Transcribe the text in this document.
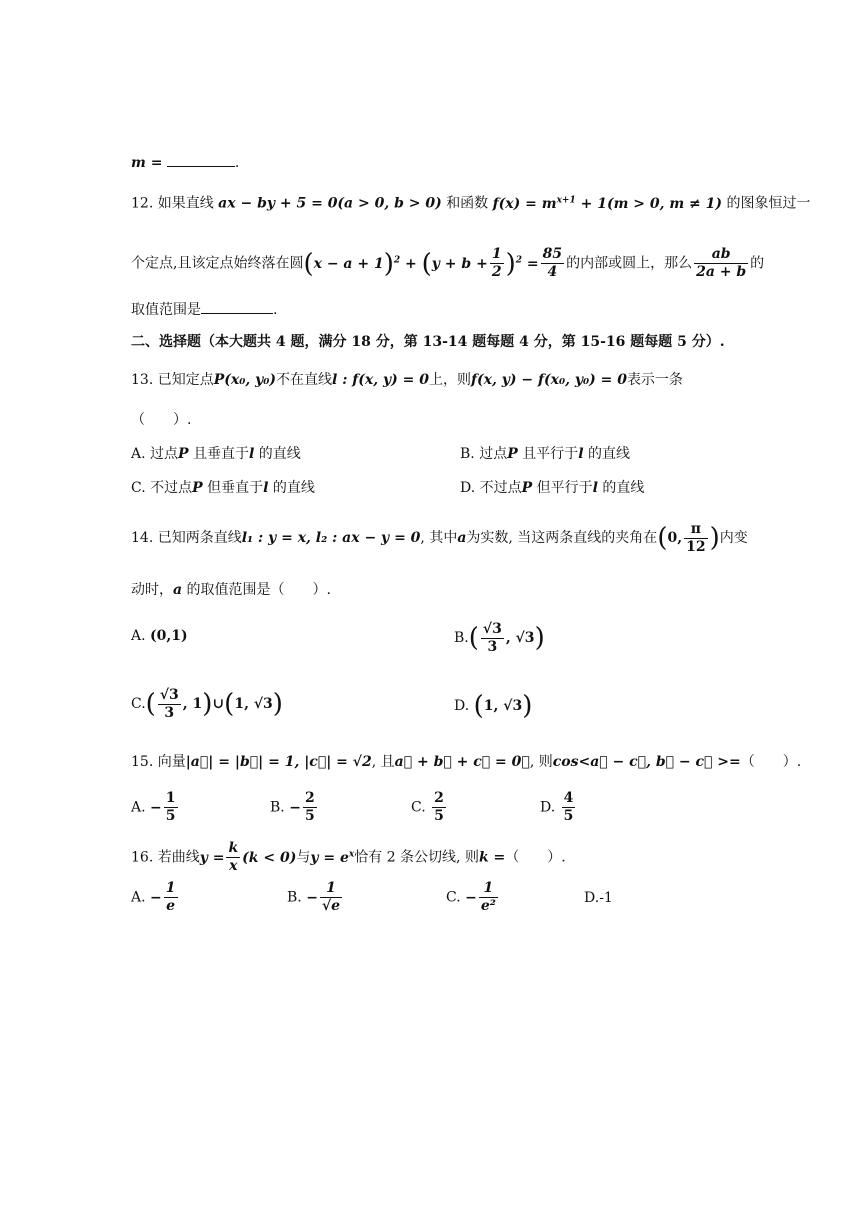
m =	.
12. 如果直线 ax − by + 5 = 0(a > 0, b > 0) 和函数 $f(x) = m^{x+1} + 1(m > 0$, m ≠ 1) 的图象恒过一
个定点,且该定点始终落在圆$(x - a + 1)^2 + (y + b + \frac{1}{2} )^2 = \frac{85}{4}$ 的内部或圆上，那么 $\frac{ab}{2a + b}$ 的
取值范围是	.
二、选择题（本大题共 4 题，满分 18 分，第 13-14 题每题 4 分，第 15-16 题每题 5 分）.
13. 已知定点P(x₀, y₀)不在直线l : f(x, y) = 0上，则f(x, y) − f(x₀, y₀) = 0表示一条
（　　）.
A. 过点P 且垂直于l 的直线	B. 过点P 且平行于l 的直线
C. 不过点P 但垂直于l 的直线	D. 不过点P 但平行于l 的直线
14. 已知两条直线l₁ : y = x, l₂ : ax − y = 0, 其中a为实数, 当这两条直线的夹角在(0, $\frac{\pi}{12}$ )内变
动时，a 的取值范围是（　　）.
A. (0,1)	$B.( \frac{√3}{3}$ , √3)
$C.( \frac{√3}{3}$ , 1)∪(1, √3)	D. (1, √3)
15. 向量|a⃗| = |b⃗| = 1, |c⃗| = √2, 且a⃗ + b⃗ + c⃗ = 0⃗, 则cos<a⃗ − c⃗, b⃗ − c⃗ >=（　　）.
A. − $\frac{1}{5}$	B. − $\frac{2}{5}$	C. $\frac{2}{5}$	D. $\frac{4}{5}$
16. 若曲线$y = \frac{k}{x} (k < 0)$与$y = e^x$恰有 2 条公切线, 则k =（　　）.
A. − $\frac{1}{e}$	B. − $\frac{1}{√e}$	C. − $\frac{1}{\text{e²}}$	D.-1
